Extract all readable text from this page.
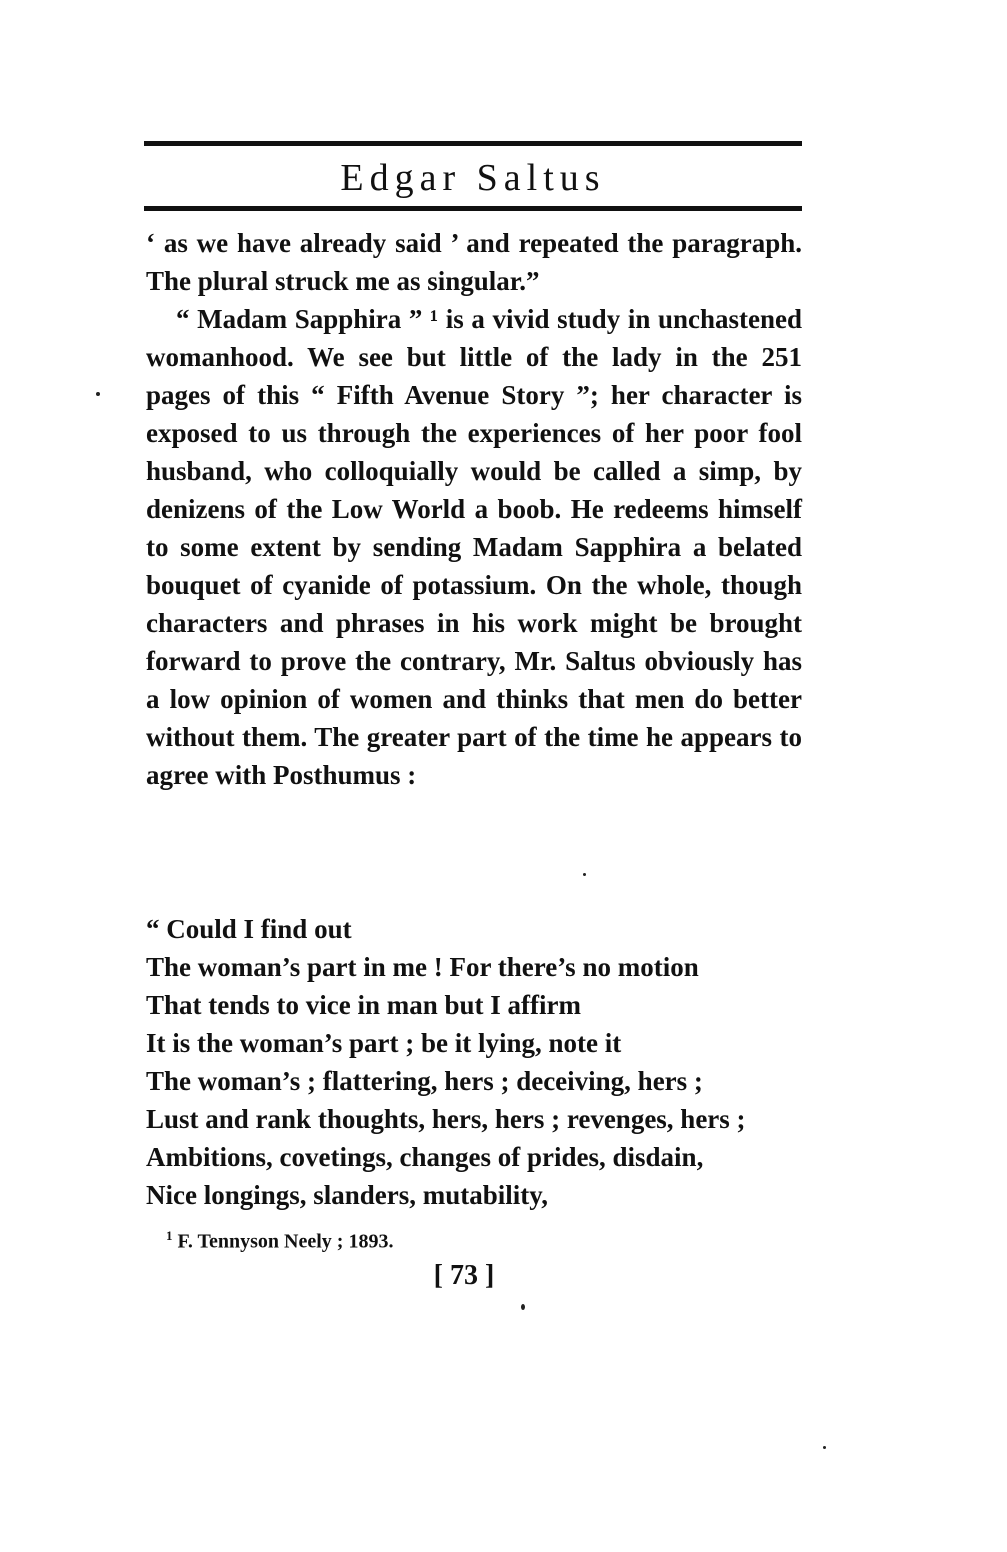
Edgar Saltus

‘ as we have already said ’ and repeated the paragraph. The plural struck me as singular.”

“ Madam Sapphira ” ¹ is a vivid study in unchastened womanhood. We see but little of the lady in the 251 pages of this “ Fifth Avenue Story ”; her character is exposed to us through the experiences of her poor fool husband, who colloquially would be called a simp, by denizens of the Low World a boob. He redeems himself to some extent by sending Madam Sapphira a belated bouquet of cyanide of potassium. On the whole, though characters and phrases in his work might be brought forward to prove the contrary, Mr. Saltus obviously has a low opinion of women and thinks that men do better without them. The greater part of the time he appears to agree with Posthumus :

“ Could I find out
The woman’s part in me ! For there’s no motion
That tends to vice in man but I affirm
It is the woman’s part ; be it lying, note it
The woman’s ; flattering, hers ; deceiving, hers ;
Lust and rank thoughts, hers, hers ; revenges, hers ;
Ambitions, covetings, changes of prides, disdain,
Nice longings, slanders, mutability,
$^1$ F. Tennyson Neely ; 1893.
[ 73 ]
